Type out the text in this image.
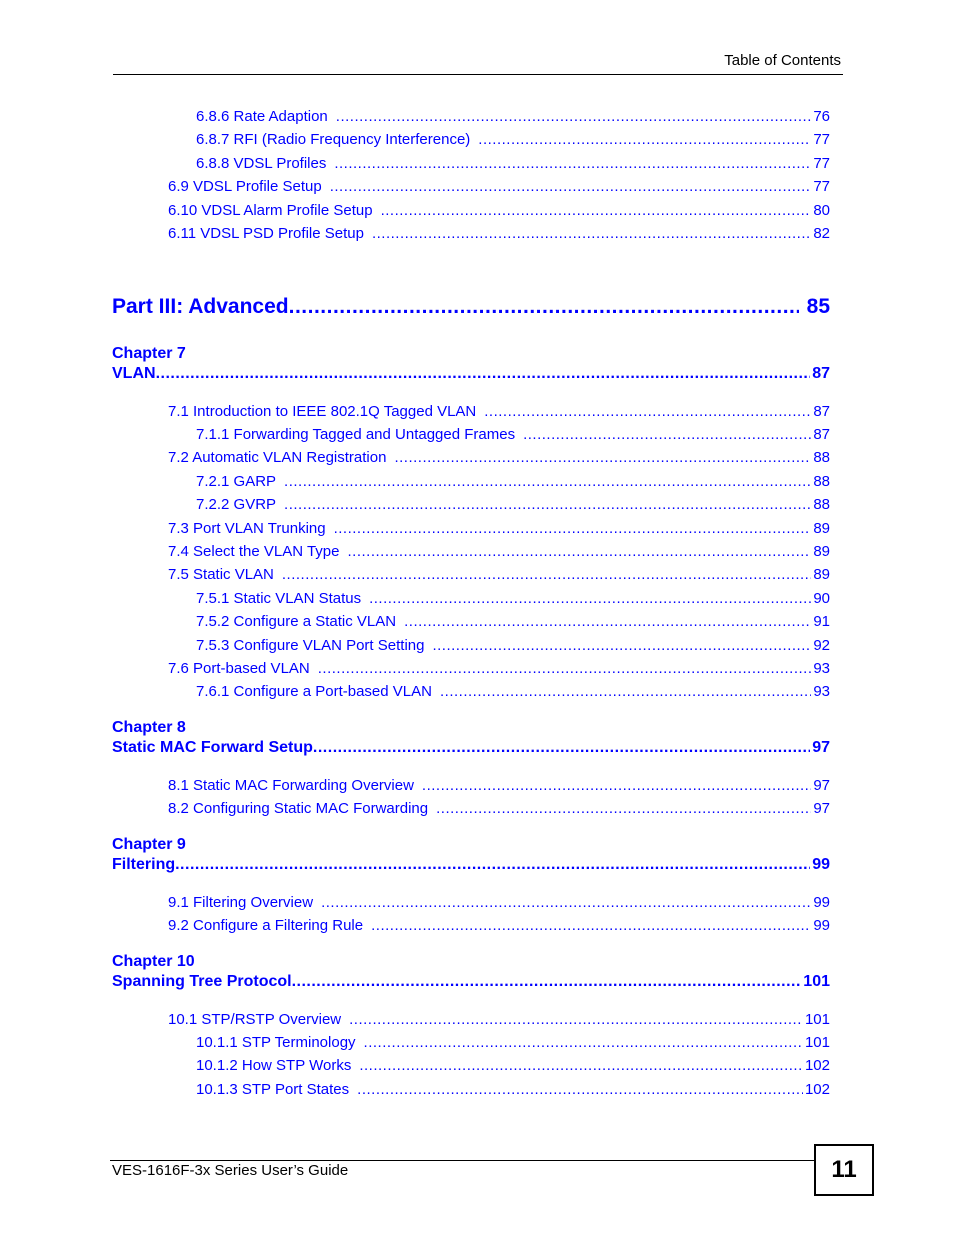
Table of Contents
6.8.6 Rate Adaption .....	76
6.8.7 RFI (Radio Frequency Interference) .....	77
6.8.8 VDSL Profiles .....	77
6.9 VDSL Profile Setup .....	77
6.10 VDSL Alarm Profile Setup .....	80
6.11 VDSL PSD Profile Setup .....	82
Part III: Advanced .....	85
Chapter 7
VLAN .....	87
7.1 Introduction to IEEE 802.1Q Tagged VLAN .....	87
7.1.1 Forwarding Tagged and Untagged Frames .....	87
7.2 Automatic VLAN Registration .....	88
7.2.1 GARP .....	88
7.2.2 GVRP .....	88
7.3 Port VLAN Trunking .....	89
7.4 Select the VLAN Type .....	89
7.5 Static VLAN .....	89
7.5.1 Static VLAN Status .....	90
7.5.2 Configure a Static VLAN .....	91
7.5.3 Configure VLAN Port Setting .....	92
7.6 Port-based VLAN .....	93
7.6.1 Configure a Port-based VLAN .....	93
Chapter 8
Static MAC Forward Setup .....	97
8.1 Static MAC Forwarding Overview .....	97
8.2 Configuring Static MAC Forwarding .....	97
Chapter 9
Filtering .....	99
9.1 Filtering Overview .....	99
9.2 Configure a Filtering Rule .....	99
Chapter 10
Spanning Tree Protocol .....	101
10.1 STP/RSTP Overview .....	101
10.1.1 STP Terminology .....	101
10.1.2 How STP Works .....	102
10.1.3 STP Port States .....	102
VES-1616F-3x Series User’s Guide	11
